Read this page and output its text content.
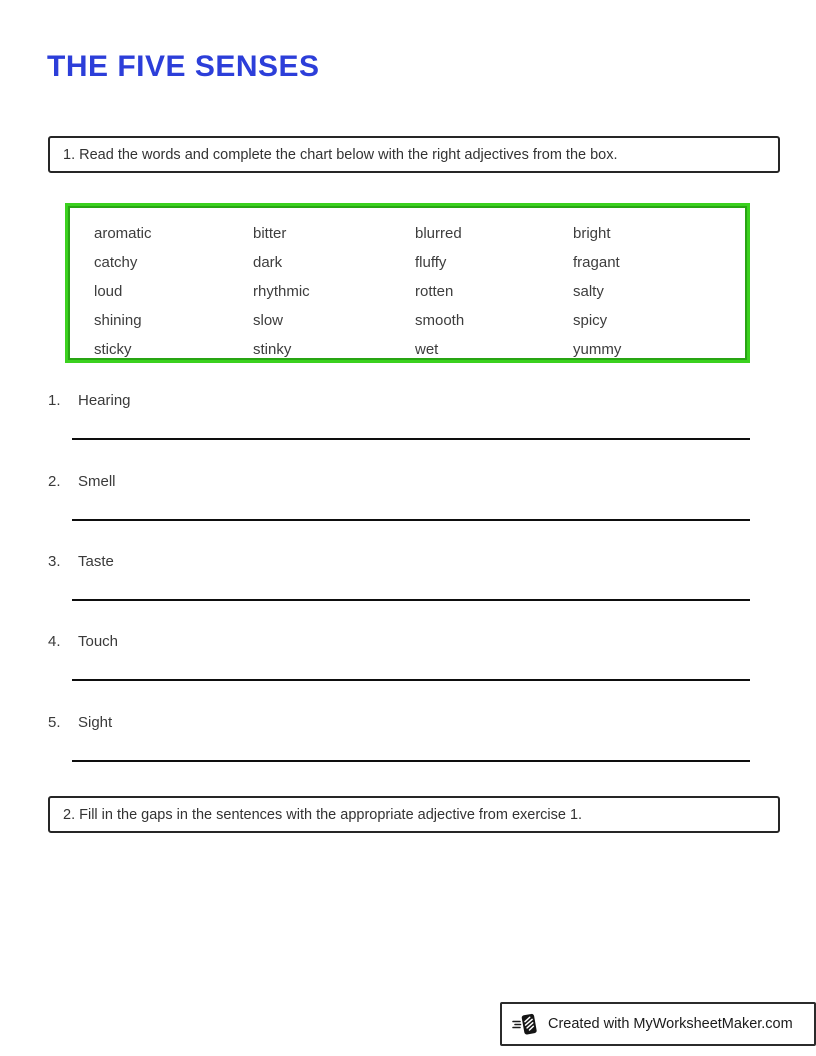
THE FIVE SENSES
1. Read the words and complete the chart below with the right adjectives from the box.
aromatic	bitter	blurred	bright
catchy	dark	fluffy	fragant
loud	rhythmic	rotten	salty
shining	slow	smooth	spicy
sticky	stinky	wet	yummy
1. Hearing
2. Smell
3. Taste
4. Touch
5. Sight
2. Fill in the gaps in the sentences with the appropriate adjective from exercise 1.
Created with MyWorksheetMaker.com
